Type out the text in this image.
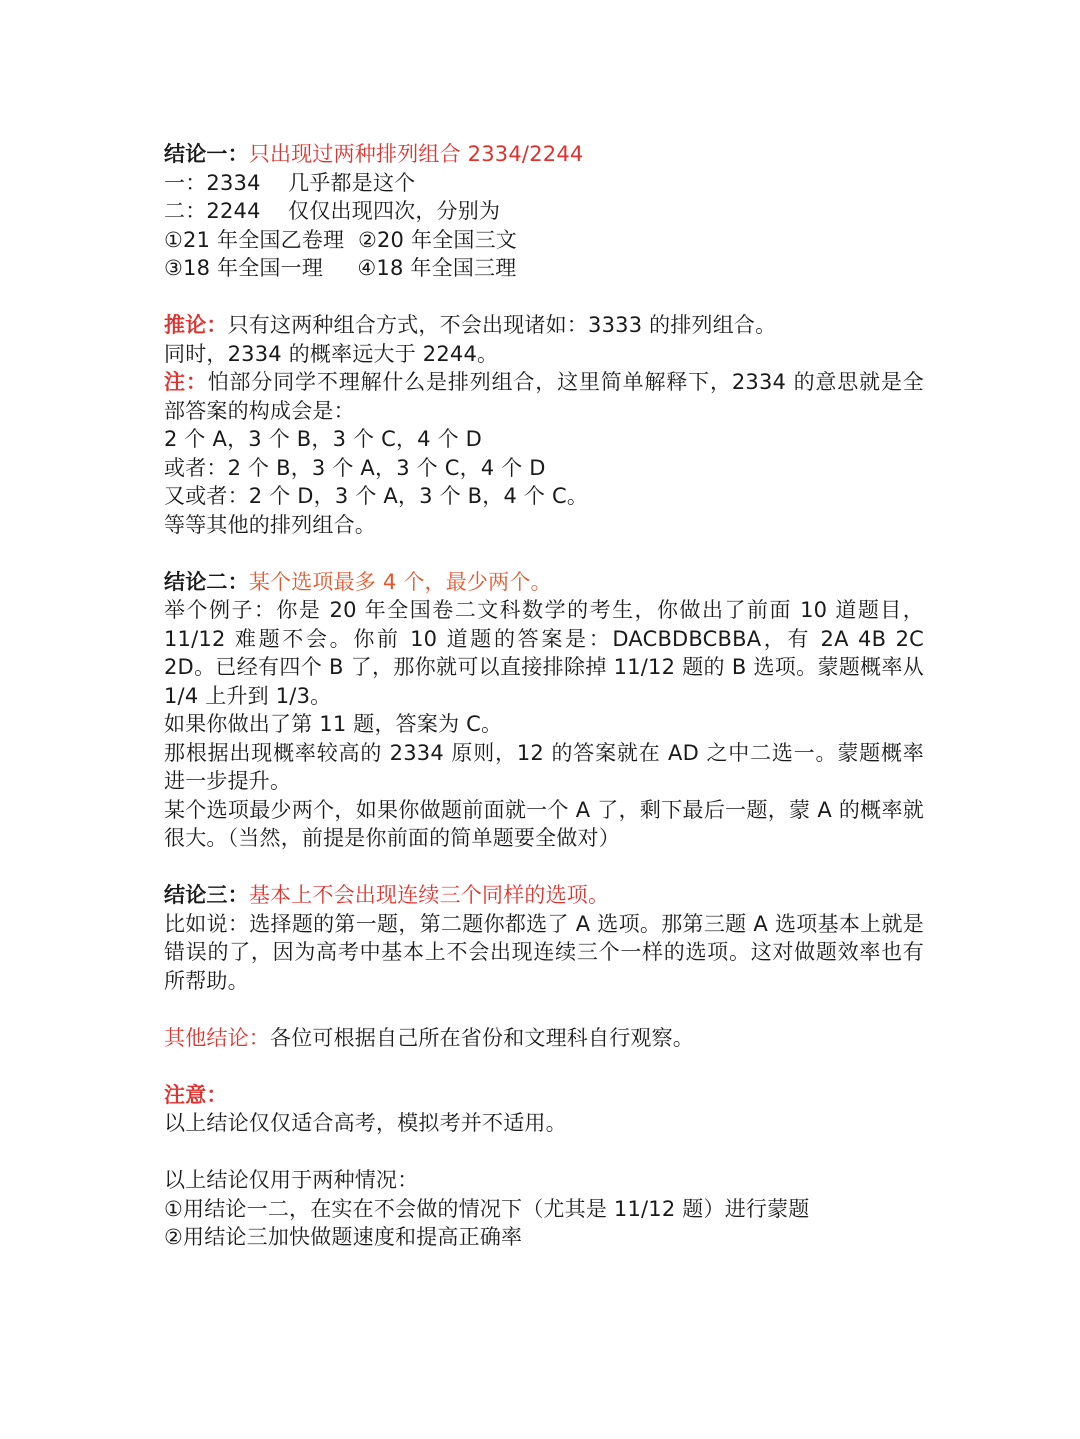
结论一：只出现过两种排列组合 2334/2244
一：2334    几乎都是这个
二：2244    仅仅出现四次，分别为
①21 年全国乙卷理  ②20 年全国三文
③18 年全国一理     ④18 年全国三理
推论：只有这两种组合方式，不会出现诸如：3333 的排列组合。
同时，2334 的概率远大于 2244。
注：怕部分同学不理解什么是排列组合，这里简单解释下，2334 的意思就是全部答案的构成会是：
2 个 A，3 个 B，3 个 C，4 个 D
或者：2 个 B，3 个 A，3 个 C，4 个 D
又或者：2 个 D，3 个 A，3 个 B，4 个 C。
等等其他的排列组合。
结论二：某个选项最多 4 个，最少两个。
举个例子：你是 20 年全国卷二文科数学的考生，你做出了前面 10 道题目，11/12 难题不会。你前 10 道题的答案是：DACBDBCBBA，有 2A 4B 2C 2D。已经有四个 B 了，那你就可以直接排除掉 11/12 题的 B 选项。蒙题概率从 1/4 上升到 1/3。
如果你做出了第 11 题，答案为 C。
那根据出现概率较高的 2334 原则，12 的答案就在 AD 之中二选一。蒙题概率进一步提升。
某个选项最少两个，如果你做题前面就一个 A 了，剩下最后一题，蒙 A 的概率就很大。（当然，前提是你前面的简单题要全做对）
结论三：基本上不会出现连续三个同样的选项。
比如说：选择题的第一题，第二题你都选了 A 选项。那第三题 A 选项基本上就是错误的了，因为高考中基本上不会出现连续三个一样的选项。这对做题效率也有所帮助。
其他结论：各位可根据自己所在省份和文理科自行观察。
注意：
以上结论仅仅适合高考，模拟考并不适用。
以上结论仅用于两种情况：
①用结论一二，在实在不会做的情况下（尤其是 11/12 题）进行蒙题
②用结论三加快做题速度和提高正确率
